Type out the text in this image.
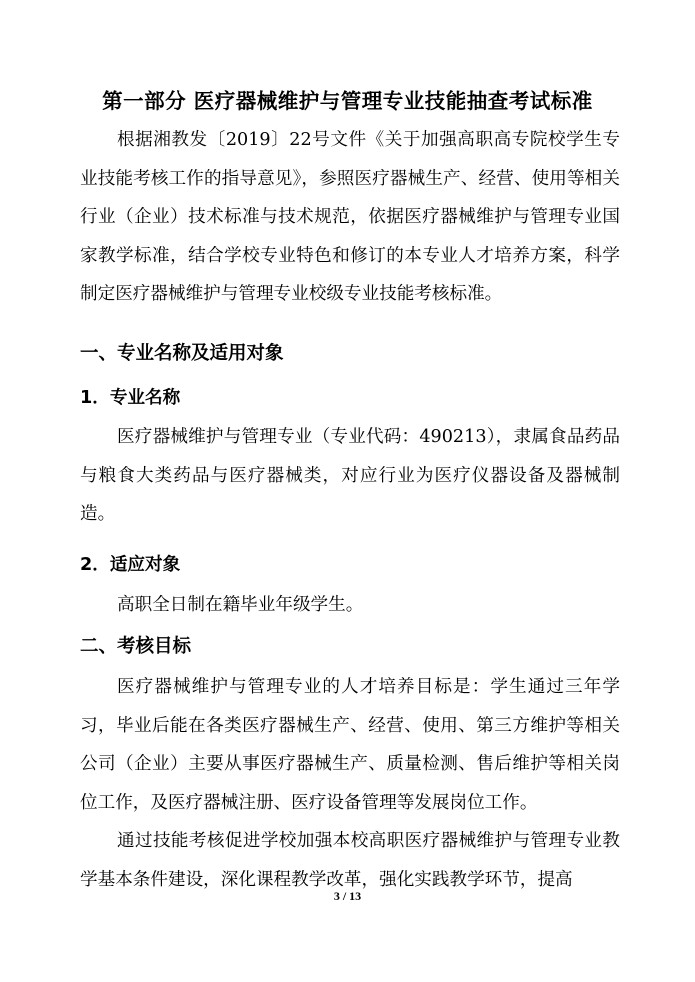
第一部分 医疗器械维护与管理专业技能抽查考试标准

根据湘教发〔2019〕22号文件《关于加强高职高专院校学生专业技能考核工作的指导意见》，参照医疗器械生产、经营、使用等相关行业（企业）技术标准与技术规范，依据医疗器械维护与管理专业国家教学标准，结合学校专业特色和修订的本专业人才培养方案，科学制定医疗器械维护与管理专业校级专业技能考核标准。

一、专业名称及适用对象
1．专业名称

医疗器械维护与管理专业（专业代码：490213），隶属食品药品与粮食大类药品与医疗器械类，对应行业为医疗仪器设备及器械制造。

2．适应对象

高职全日制在籍毕业年级学生。

二、考核目标

医疗器械维护与管理专业的人才培养目标是：学生通过三年学习，毕业后能在各类医疗器械生产、经营、使用、第三方维护等相关公司（企业）主要从事医疗器械生产、质量检测、售后维护等相关岗位工作，及医疗器械注册、医疗设备管理等发展岗位工作。

通过技能考核促进学校加强本校高职医疗器械维护与管理专业教学基本条件建设，深化课程教学改革，强化实践教学环节，提高

3 / 13
